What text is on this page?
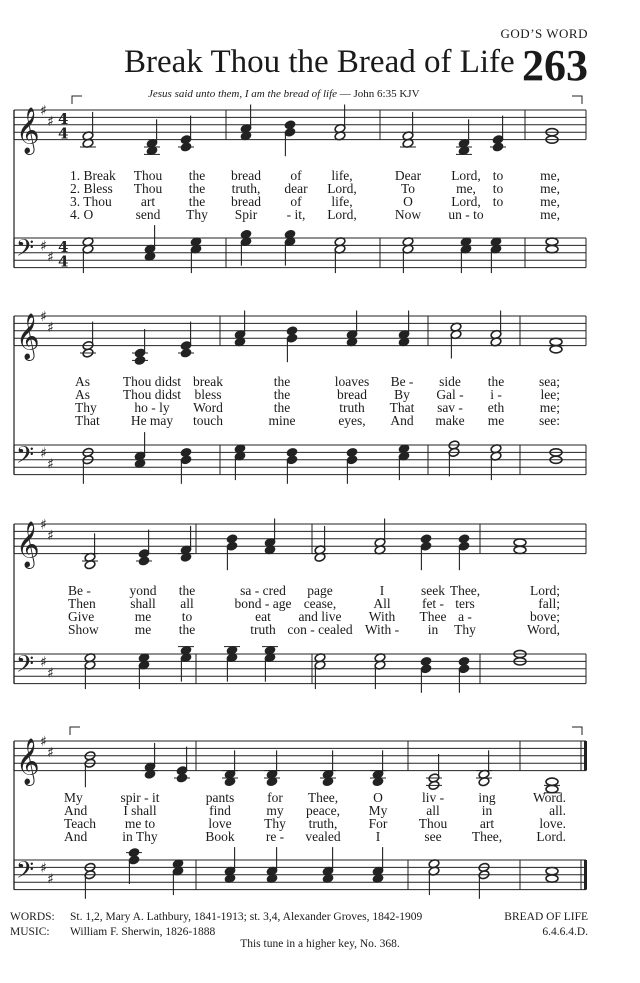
GOD’S WORD
263
Break Thou the Bread of Life
Jesus said unto them, I am the bread of life — John 6:35 KJV
𝄞 ♯
♯ 4
4
𝄢 ♯
♯
4
4
1. Break Thou the bread of life,	Dear Lord, to	me,
2. Bless Thou the truth, dear Lord,	To	me, to	me,
3. Thou art the bread of life,	O	Lord, to	me,
4. O	send Thy Spir - it, Lord,	Now un - to	me,
𝄞 ♯
♯
𝄢 ♯
♯
As Thou didst break	the	loaves Be - side the	sea;
As Thou didst bless	the	bread By Gal - i -	lee;
Thy	ho - ly Word	the	truth That sav - eth	me;
That He may touch	mine	eyes, And make me	see:
𝄞 ♯
♯
𝄢 ♯
♯
Be -	yond the	sa - cred page	I	seek Thee,	Lord;
Then	shall all	bond - age cease,	All fet - ters	fall;
Give	me to	eat and live With Thee a -	bove;
Show	me the	truth con - cealed With - in Thy	Word,
𝄞 ♯
♯
𝄢 ♯
♯
My	spir - it	pants for Thee,	O	liv -	ing	Word.
And	I shall	find	my peace, My	all	in	all.
Teach me to	love Thy truth, For Thou art	love.
And	in Thy	Book re - vealed	I	see Thee,	Lord.
WORDS: St. 1,2, Mary A. Lathbury, 1841-1913; st. 3,4, Alexander Groves, 1842-1909
MUSIC: William F. Sherwin, 1826-1888
BREAD OF LIFE
6.4.6.4.D.
This tune in a higher key, No. 368.
